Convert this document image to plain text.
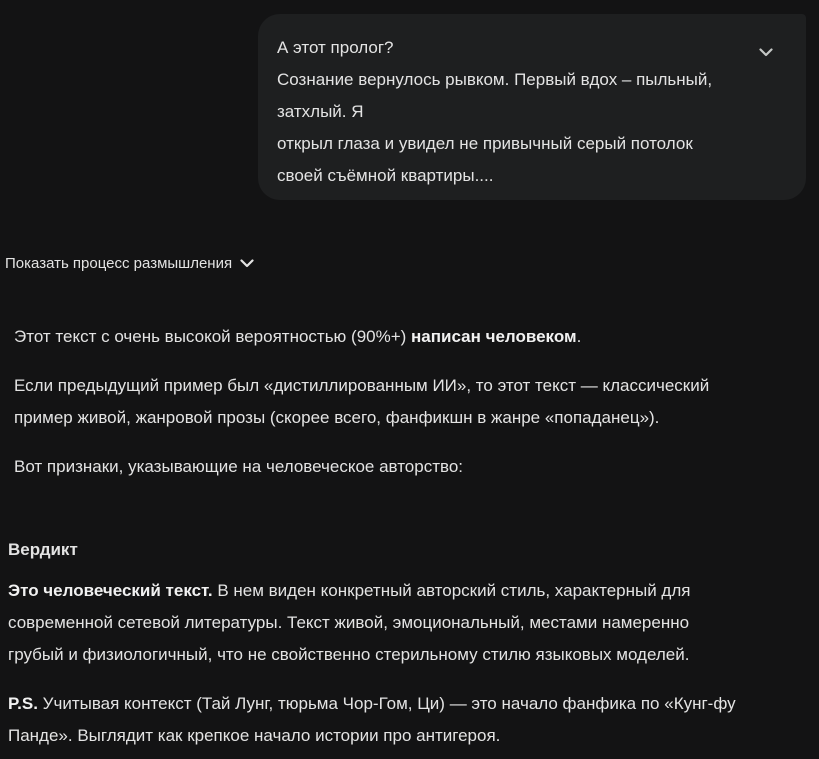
А этот пролог?
Сознание вернулось рывком. Первый вдох – пыльный,
затхлый. Я
открыл глаза и увидел не привычный серый потолок
своей съёмной квартиры....
Показать процесс размышления
Этот текст с очень высокой вероятностью (90%+) написан человеком.
Если предыдущий пример был «дистиллированным ИИ», то этот текст — классический
пример живой, жанровой прозы (скорее всего, фанфикшн в жанре «попаданец»).
Вот признаки, указывающие на человеческое авторство:
Вердикт
Это человеческий текст. В нем виден конкретный авторский стиль, характерный для
современной сетевой литературы. Текст живой, эмоциональный, местами намеренно
грубый и физиологичный, что не свойственно стерильному стилю языковых моделей.
P.S. Учитывая контекст (Тай Лунг, тюрьма Чор-Гом, Ци) — это начало фанфика по «Кунг-фу
Панде». Выглядит как крепкое начало истории про антигероя.
